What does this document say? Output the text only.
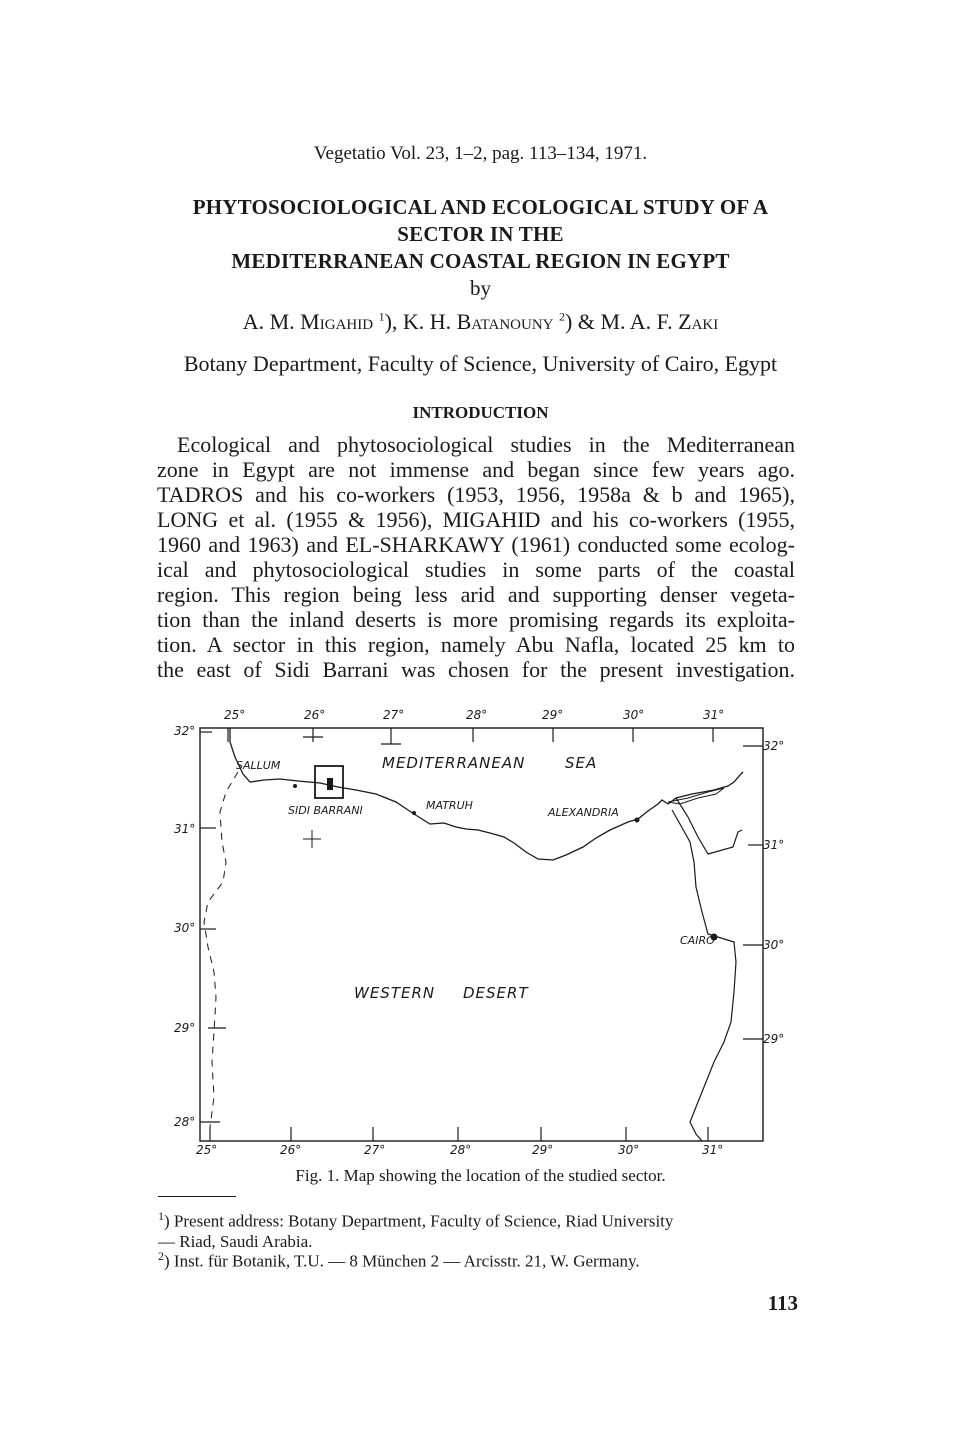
Vegetatio Vol. 23, 1–2, pag. 113–134, 1971.
PHYTOSOCIOLOGICAL AND ECOLOGICAL STUDY OF A
SECTOR IN THE
MEDITERRANEAN COASTAL REGION IN EGYPT
by
A. M. Migahid $^1$), K. H. Batanouny $^2$) & M. A. F. Zaki
Botany Department, Faculty of Science, University of Cairo, Egypt
INTRODUCTION
Ecological and phytosociological studies in the Mediterranean
zone in Egypt are not immense and began since few years ago.
TADROS and his co-workers (1953, 1956, 1958a & b and 1965),
LONG et al. (1955 & 1956), MIGAHID and his co-workers (1955,
1960 and 1963) and EL-SHARKAWY (1961) conducted some ecolog-
ical and phytosociological studies in some parts of the coastal
region. This region being less arid and supporting denser vegeta-
tion than the inland deserts is more promising regards its exploita-
tion. A sector in this region, namely Abu Nafla, located 25 km to
the east of Sidi Barrani was chosen for the present investigation.
25°	26°	27°	28°	29°	30°	31°
25°	26°	27°	28°	29°	30°	31°
32°
31°
30°
29°
28°
32°
31°
30°
29°
SALLUM
SIDI BARRANI	MATRUH
ALEXANDRIA
CAIRO
MEDITERRANEAN	SEA
WESTERN DESERT
Fig. 1. Map showing the location of the studied sector.
$^1$) Present address: Botany Department, Faculty of Science, Riad University
— Riad, Saudi Arabia.
$^2$) Inst. für Botanik, T.U. — 8 München 2 — Arcisstr. 21, W. Germany.
113
